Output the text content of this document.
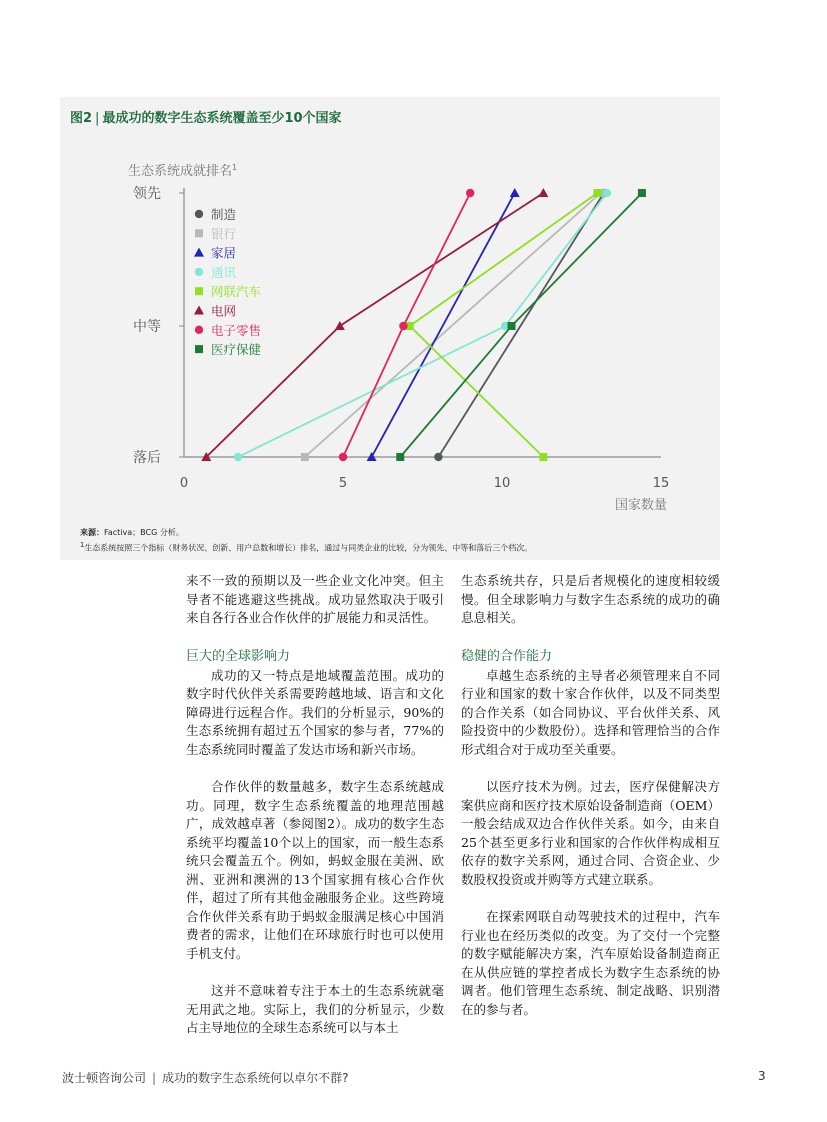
图2 | 最成功的数字生态系统覆盖至少10个国家
生态系统成就排名$^1$
落后
中等
领先
0	5	10	15
国家数量
制造
银行
家居
通讯
网联汽车
电网
电子零售
医疗保健
来源：Factiva；BCG 分析。
$^1$生态系统按照三个指标（财务状况、创新、用户总数和增长）排名，通过与同类企业的比较，分为领先、中等和落后三个档次。

来不一致的预期以及一些企业文化冲突。但主导者不能逃避这些挑战。成功显然取决于吸引来自各行各业合作伙伴的扩展能力和灵活性。

巨大的全球影响力

成功的又一特点是地域覆盖范围。成功的数字时代伙伴关系需要跨越地域、语言和文化障碍进行远程合作。我们的分析显示，90%的生态系统拥有超过五个国家的参与者，77%的生态系统同时覆盖了发达市场和新兴市场。

合作伙伴的数量越多，数字生态系统越成功。同理，数字生态系统覆盖的地理范围越广，成效越卓著（参阅图2）。成功的数字生态系统平均覆盖10个以上的国家，而一般生态系统只会覆盖五个。例如，蚂蚁金服在美洲、欧洲、亚洲和澳洲的13个国家拥有核心合作伙伴，超过了所有其他金融服务企业。这些跨境合作伙伴关系有助于蚂蚁金服满足核心中国消费者的需求，让他们在环球旅行时也可以使用手机支付。

这并不意味着专注于本土的生态系统就毫无用武之地。实际上，我们的分析显示，少数占主导地位的全球生态系统可以与本土

生态系统共存，只是后者规模化的速度相较缓慢。但全球影响力与数字生态系统的成功的确息息相关。

稳健的合作能力

卓越生态系统的主导者必须管理来自不同行业和国家的数十家合作伙伴，以及不同类型的合作关系（如合同协议、平台伙伴关系、风险投资中的少数股份）。选择和管理恰当的合作形式组合对于成功至关重要。

以医疗技术为例。过去，医疗保健解决方案供应商和医疗技术原始设备制造商（OEM）一般会结成双边合作伙伴关系。如今，由来自25个甚至更多行业和国家的合作伙伴构成相互依存的数字关系网，通过合同、合资企业、少数股权投资或并购等方式建立联系。

在探索网联自动驾驶技术的过程中，汽车行业也在经历类似的改变。为了交付一个完整的数字赋能解决方案，汽车原始设备制造商正在从供应链的掌控者成长为数字生态系统的协调者。他们管理生态系统、制定战略、识别潜在的参与者。

波士顿咨询公司 | 成功的数字生态系统何以卓尔不群?	3
